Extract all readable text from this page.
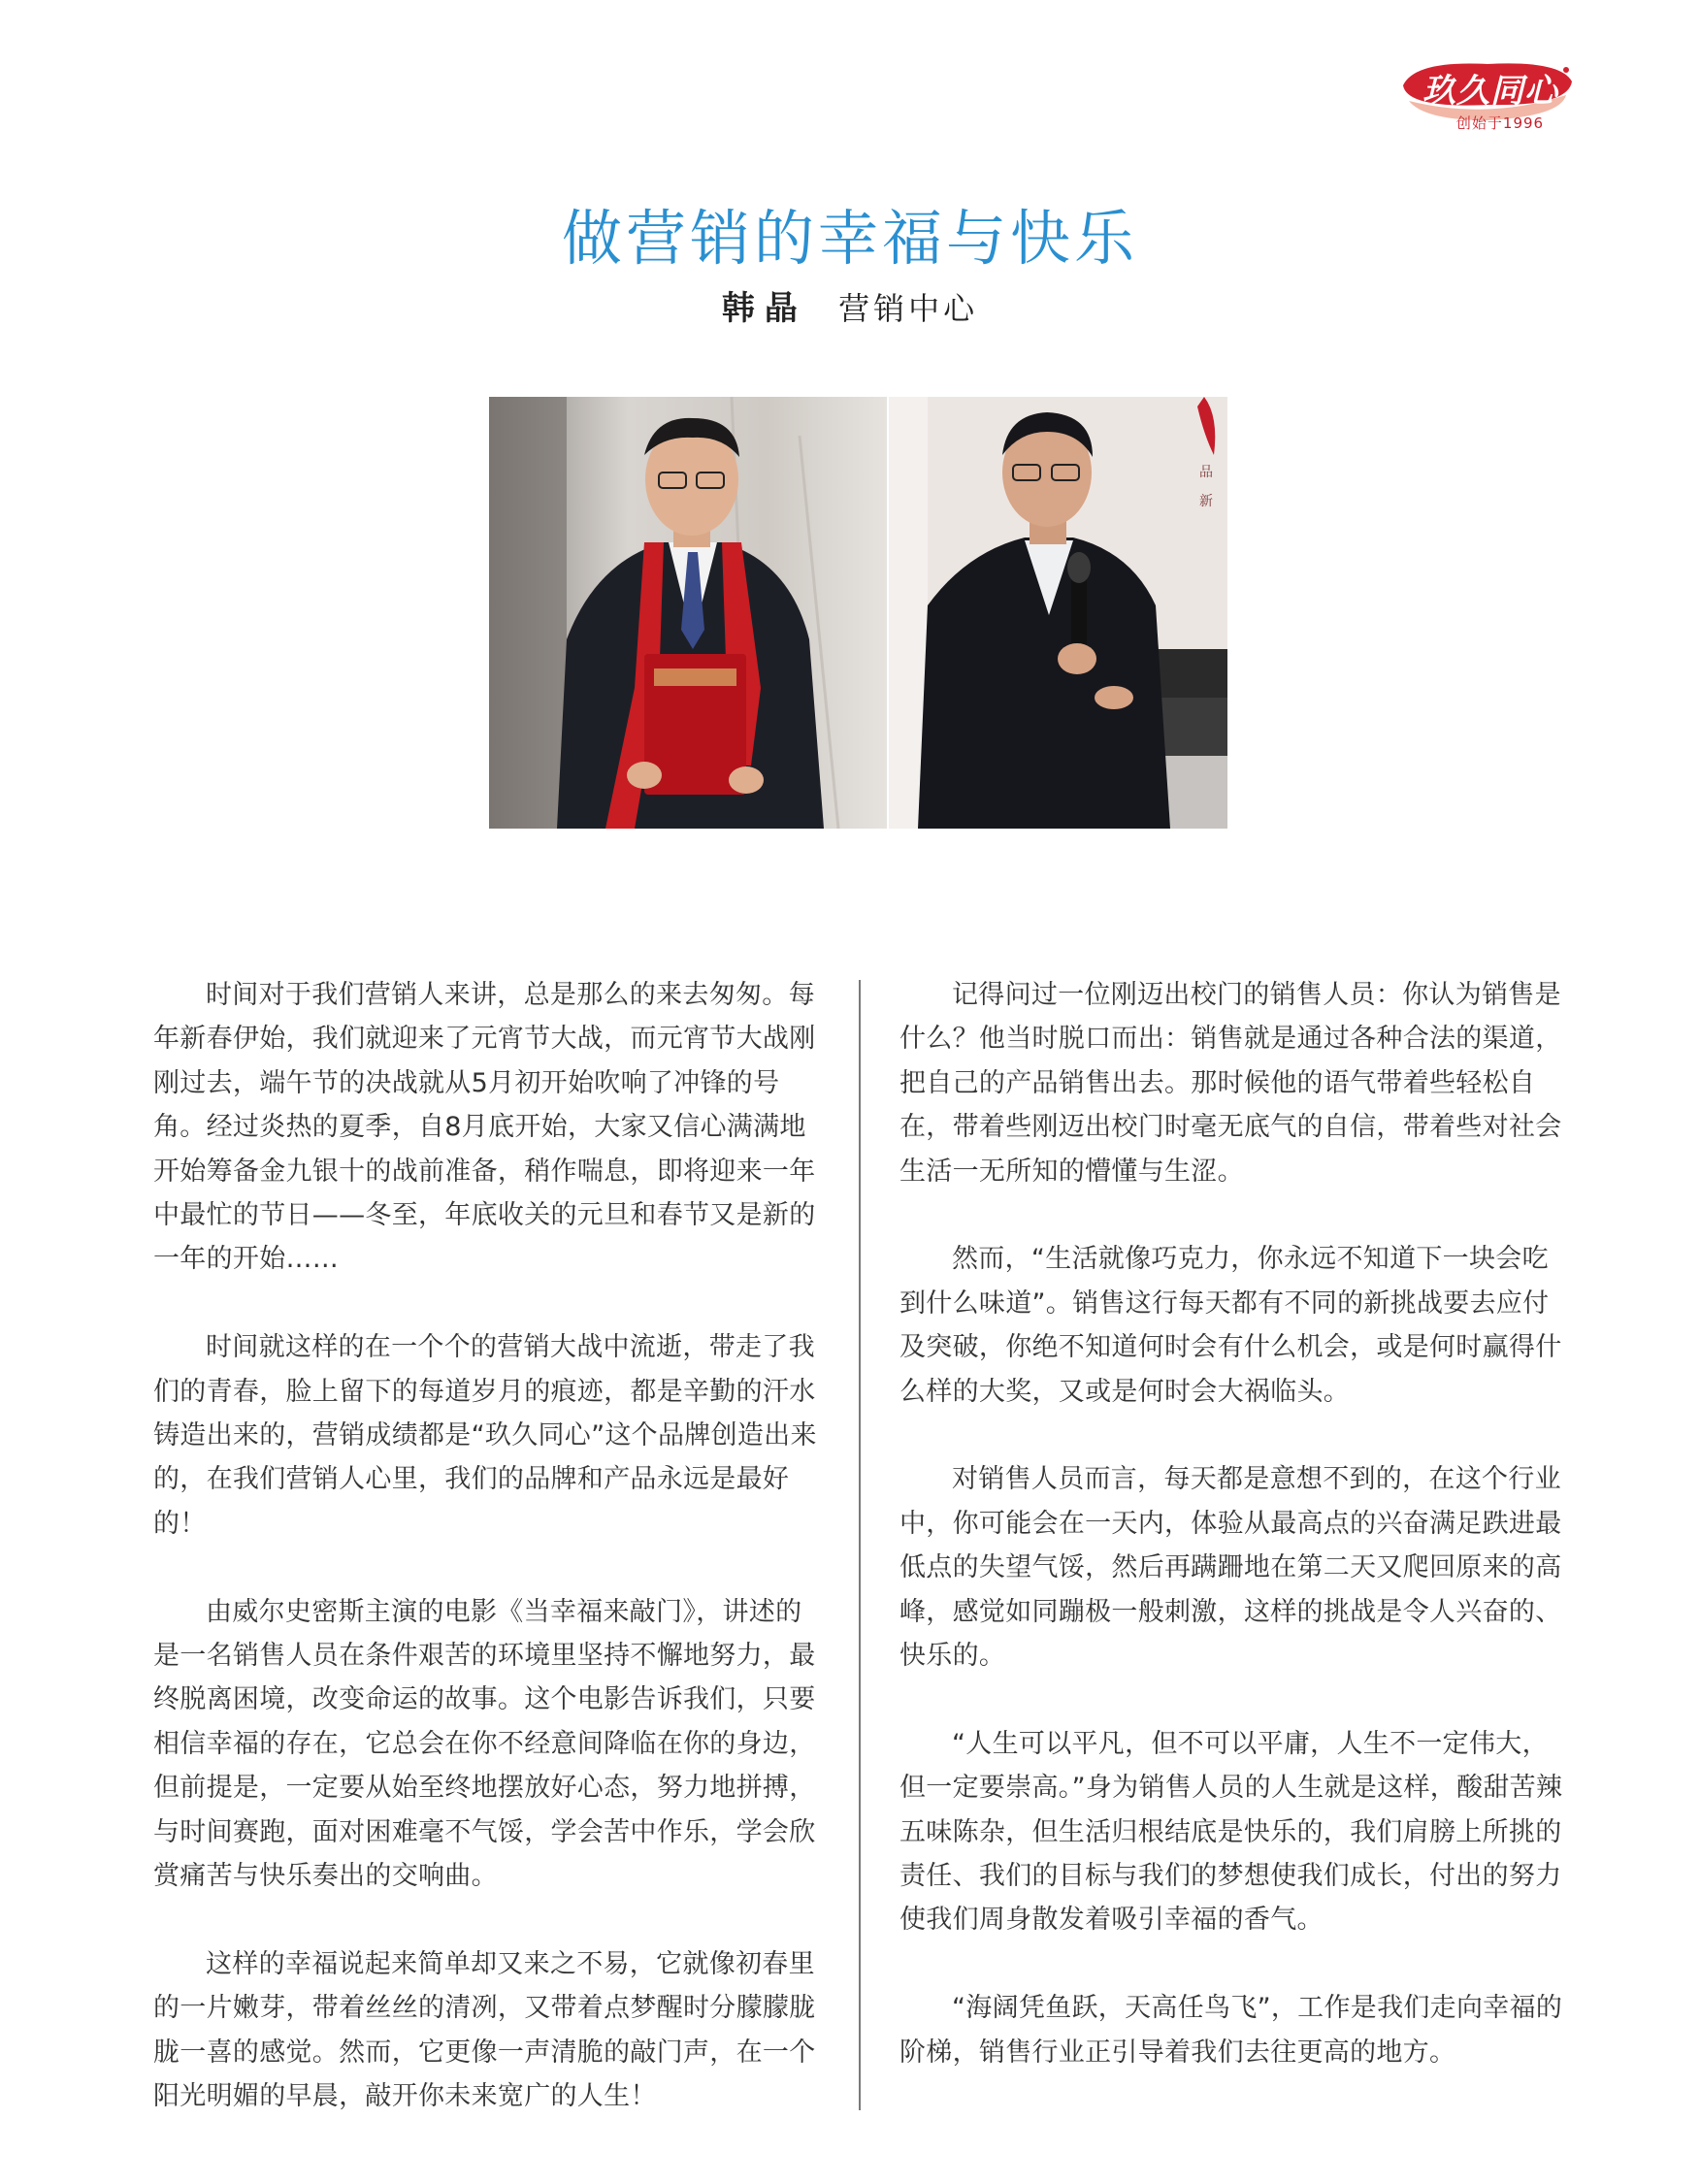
玖久同心
创始于1996
做营销的幸福与快乐
韩晶 营销中心
品
新

时间对于我们营销人来讲，总是那么的来去匆匆。每年新春伊始，我们就迎来了元宵节大战，而元宵节大战刚刚过去，端午节的决战就从5月初开始吹响了冲锋的号角。经过炎热的夏季，自8月底开始，大家又信心满满地开始筹备金九银十的战前准备，稍作喘息，即将迎来一年中最忙的节日——冬至，年底收关的元旦和春节又是新的一年的开始……

时间就这样的在一个个的营销大战中流逝，带走了我们的青春，脸上留下的每道岁月的痕迹，都是辛勤的汗水铸造出来的，营销成绩都是“玖久同心”这个品牌创造出来的，在我们营销人心里，我们的品牌和产品永远是最好的！

由威尔史密斯主演的电影《当幸福来敲门》，讲述的是一名销售人员在条件艰苦的环境里坚持不懈地努力，最终脱离困境，改变命运的故事。这个电影告诉我们，只要相信幸福的存在，它总会在你不经意间降临在你的身边，但前提是，一定要从始至终地摆放好心态，努力地拼搏，与时间赛跑，面对困难毫不气馁，学会苦中作乐，学会欣赏痛苦与快乐奏出的交响曲。

这样的幸福说起来简单却又来之不易，它就像初春里的一片嫩芽，带着丝丝的清冽，又带着点梦醒时分朦朦胧胧一喜的感觉。然而，它更像一声清脆的敲门声，在一个阳光明媚的早晨，敲开你未来宽广的人生！

记得问过一位刚迈出校门的销售人员：你认为销售是什么？他当时脱口而出：销售就是通过各种合法的渠道，把自己的产品销售出去。那时候他的语气带着些轻松自在，带着些刚迈出校门时毫无底气的自信，带着些对社会生活一无所知的懵懂与生涩。

然而，“生活就像巧克力，你永远不知道下一块会吃到什么味道”。销售这行每天都有不同的新挑战要去应付及突破，你绝不知道何时会有什么机会，或是何时赢得什么样的大奖，又或是何时会大祸临头。

对销售人员而言，每天都是意想不到的，在这个行业中，你可能会在一天内，体验从最高点的兴奋满足跌进最低点的失望气馁，然后再蹒跚地在第二天又爬回原来的高峰，感觉如同蹦极一般刺激，这样的挑战是令人兴奋的、快乐的。

“人生可以平凡，但不可以平庸，人生不一定伟大，但一定要崇高。”身为销售人员的人生就是这样，酸甜苦辣五味陈杂，但生活归根结底是快乐的，我们肩膀上所挑的责任、我们的目标与我们的梦想使我们成长，付出的努力使我们周身散发着吸引幸福的香气。

“海阔凭鱼跃，天高任鸟飞”，工作是我们走向幸福的阶梯，销售行业正引导着我们去往更高的地方。
